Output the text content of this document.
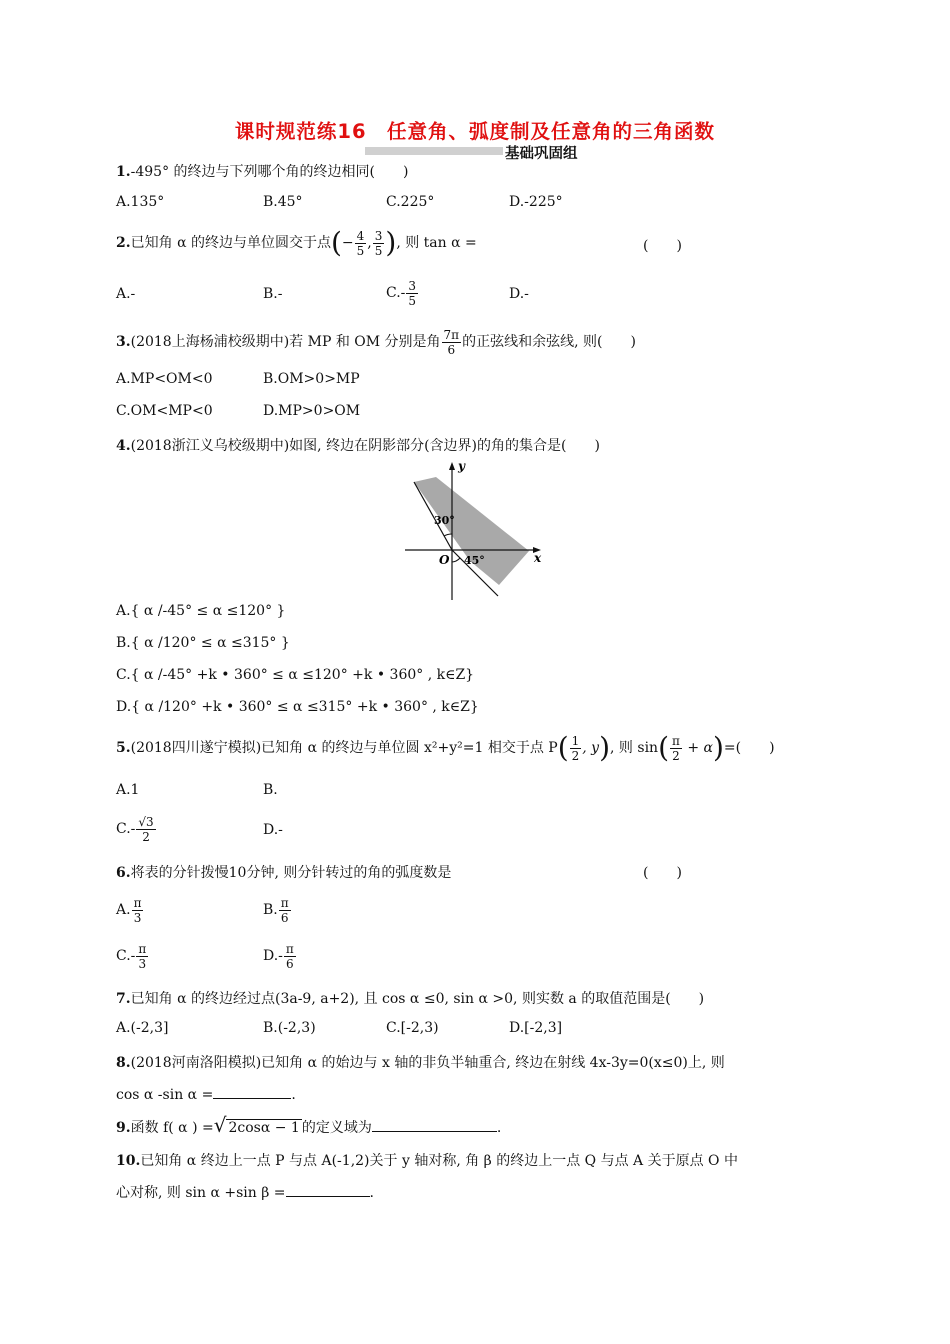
课时规范练16　任意角、弧度制及任意角的三角函数
基础巩固组
1.-495° 的终边与下列哪个角的终边相同(　　)
A.135°	B.45°	C.225°	D.-225°
2.已知角 α 的终边与单位圆交于点(− $\frac{4}{5}$ , $\frac{3}{5}$ ), 则 tan α =	(　　)
A.-	B.-	$C.- \frac{3}{5}$	D.-
3.(2018上海杨浦校级期中)若 MP 和 OM 分别是角 $\frac{7\pi}{6}$ 的正弦线和余弦线, 则(　　)
A.MP<OM<0	B.OM>0>MP
C.OM<MP<0	D.MP>0>OM
4.(2018浙江义乌校级期中)如图, 终边在阴影部分(含边界)的角的集合是(　　)
y
x
O
30°
45°
A.{ α /-45° ≤ α ≤120° }
B.{ α /120° ≤ α ≤315° }
C.{ α /-45° +k • 360° ≤ α ≤120° +k • 360° , k∈Z}
D.{ α /120° +k • 360° ≤ α ≤315° +k • 360° , k∈Z}
5.(2018四川遂宁模拟)已知角 α 的终边与单位圆 x²+y²=1 相交于点 $P( \frac{1}{2}$ , y), 则 $\sin( \frac{\pi}{2} + \alpha)=$(　　)
A.1	B.
$C.- \frac{√3}{2}$	D.-
6.将表的分针拨慢10分钟, 则分针转过的角的弧度数是	(　　)
A. $\frac{\pi}{3}$	B. $\frac{\pi}{6}$
$C.- \frac{\pi}{3}$	$D.- \frac{\pi}{6}$
7.已知角 α 的终边经过点(3a-9, a+2), 且 cos α ≤0, sin α >0, 则实数 a 的取值范围是(　　)
A.(-2,3]	B.(-2,3)	C.[-2,3)	D.[-2,3]
8.(2018河南洛阳模拟)已知角 α 的始边与 x 轴的非负半轴重合, 终边在射线 4x-3y=0(x≤0)上, 则
cos α -sin α =	.
9.函数 f( α ) =√ 2cosα − 1 的定义域为	.
10.已知角 α 终边上一点 P 与点 A(-1,2)关于 y 轴对称, 角 β 的终边上一点 Q 与点 A 关于原点 O 中
心对称, 则 sin α +sin β =	.
